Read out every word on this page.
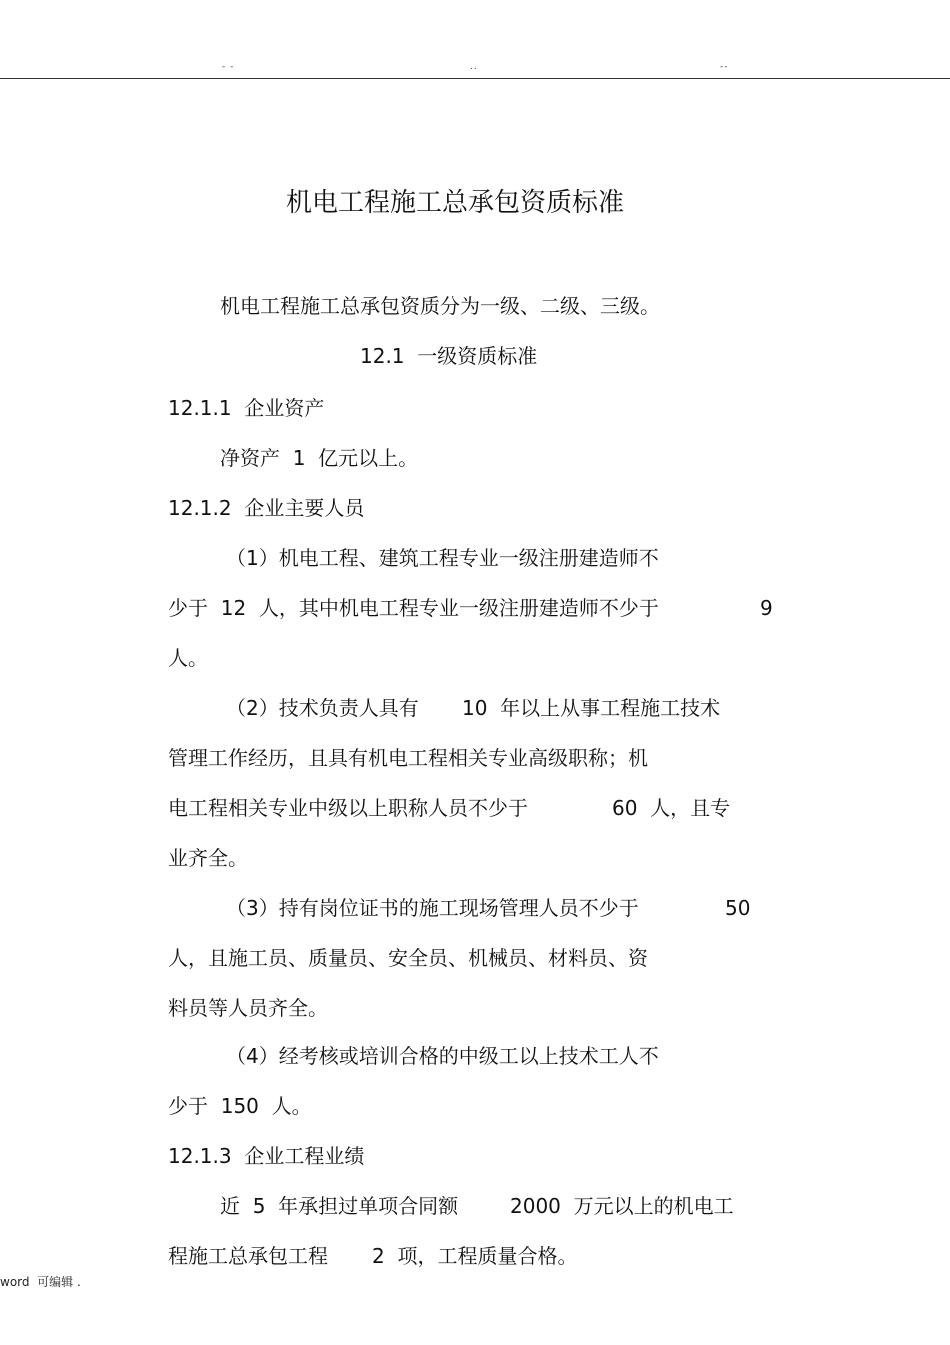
- -	..	--
机电工程施工总承包资质标准
机电工程施工总承包资质分为一级、二级、三级。
12.1  一级资质标准
12.1.1  企业资产
净资产  1  亿元以上。
12.1.2  企业主要人员
（1）机电工程、建筑工程专业一级注册建造师不
少于  12  人，其中机电工程专业一级注册建造师不少于	9
人。
（2）技术负责人具有 10  年以上从事工程施工技术
管理工作经历，且具有机电工程相关专业高级职称；机
电工程相关专业中级以上职称人员不少于	60  人，且专
业齐全。
（3）持有岗位证书的施工现场管理人员不少于	50
人，且施工员、质量员、安全员、机械员、材料员、资
料员等人员齐全。
（4）经考核或培训合格的中级工以上技术工人不
少于  150  人。
12.1.3  企业工程业绩
近  5  年承担过单项合同额	2000  万元以上的机电工
程施工总承包工程 2  项，工程质量合格。
word  可编辑 .
